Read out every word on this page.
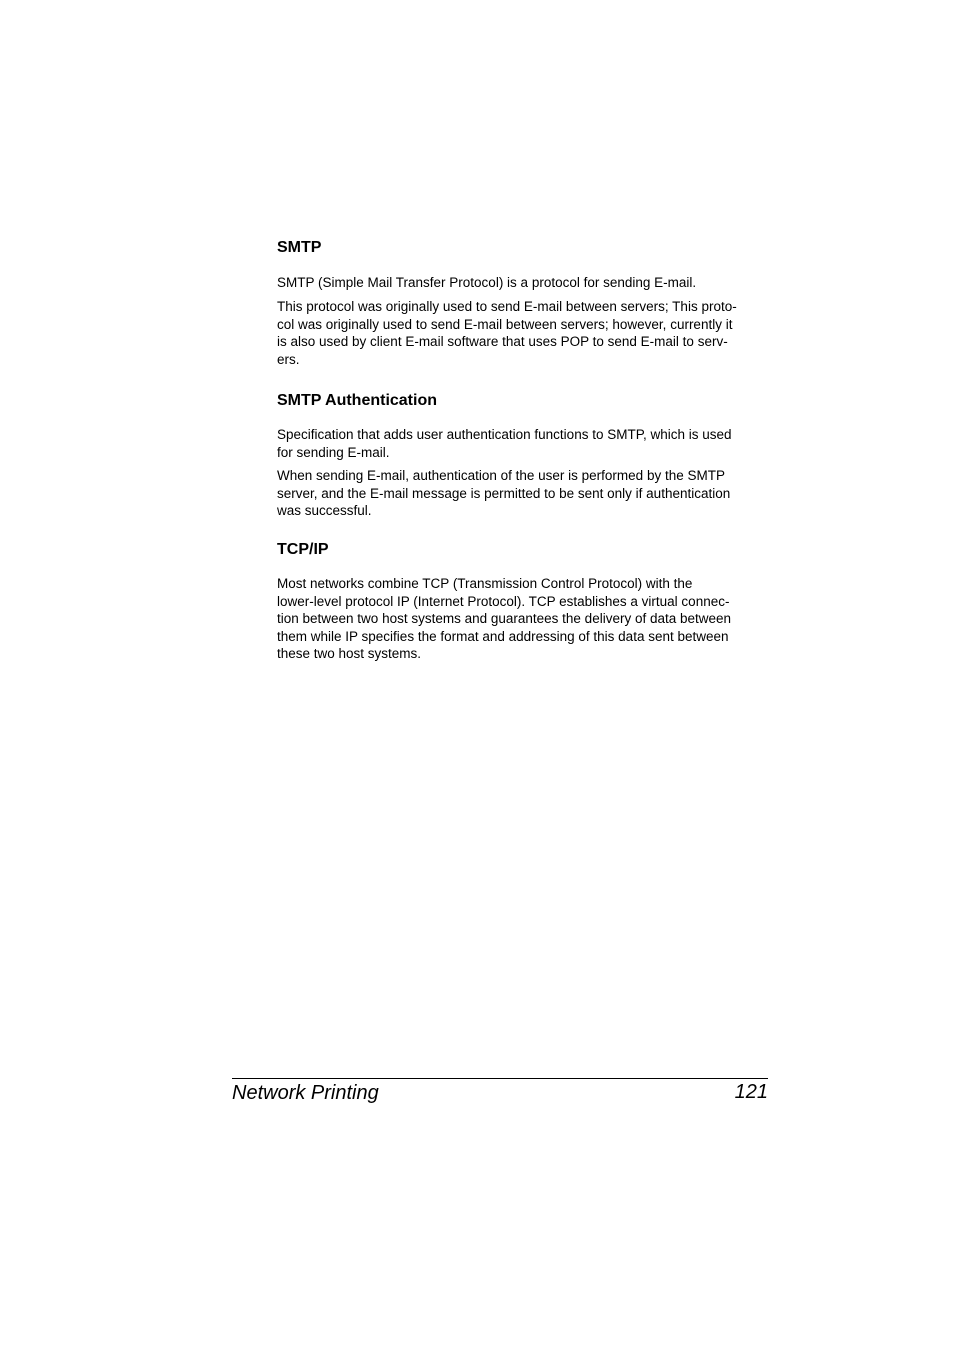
SMTP

SMTP (Simple Mail Transfer Protocol) is a protocol for sending E-mail.

This protocol was originally used to send E-mail between servers; This proto-
col was originally used to send E-mail between servers; however, currently it
is also used by client E-mail software that uses POP to send E-mail to serv-
ers.

SMTP Authentication

Specification that adds user authentication functions to SMTP, which is used
for sending E-mail.

When sending E-mail, authentication of the user is performed by the SMTP
server, and the E-mail message is permitted to be sent only if authentication
was successful.

TCP/IP

Most networks combine TCP (Transmission Control Protocol) with the
lower-level protocol IP (Internet Protocol). TCP establishes a virtual connec-
tion between two host systems and guarantees the delivery of data between
them while IP specifies the format and addressing of this data sent between
these two host systems.

Network Printing	121
